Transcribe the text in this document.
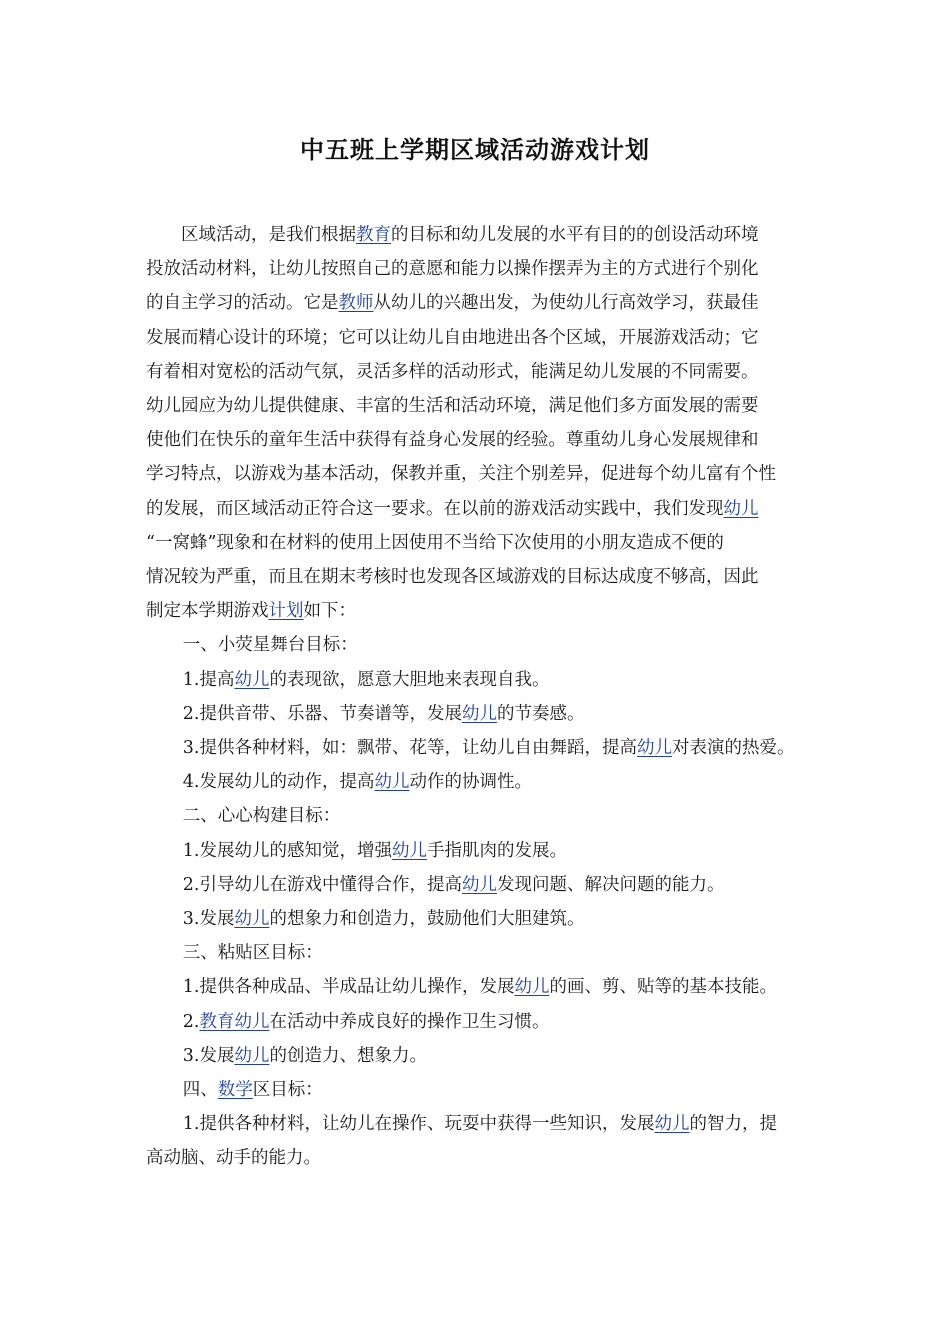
中五班上学期区域活动游戏计划

区域活动，是我们根据教育的目标和幼儿发展的水平有目的的创设活动环境

投放活动材料，让幼儿按照自己的意愿和能力以操作摆弄为主的方式进行个别化

的自主学习的活动。它是教师从幼儿的兴趣出发，为使幼儿行高效学习，获最佳

发展而精心设计的环境；它可以让幼儿自由地进出各个区域，开展游戏活动；它

有着相对宽松的活动气氛，灵活多样的活动形式，能满足幼儿发展的不同需要。

幼儿园应为幼儿提供健康、丰富的生活和活动环境，满足他们多方面发展的需要

使他们在快乐的童年生活中获得有益身心发展的经验。尊重幼儿身心发展规律和

学习特点，以游戏为基本活动，保教并重，关注个别差异，促进每个幼儿富有个性

的发展，而区域活动正符合这一要求。在以前的游戏活动实践中，我们发现幼儿

“一窝蜂”现象和在材料的使用上因使用不当给下次使用的小朋友造成不便的

情况较为严重，而且在期末考核时也发现各区域游戏的目标达成度不够高，因此

制定本学期游戏计划如下：

一、小荧星舞台目标：

1.提高幼儿的表现欲，愿意大胆地来表现自我。

2.提供音带、乐器、节奏谱等，发展幼儿的节奏感。

3.提供各种材料，如：飘带、花等，让幼儿自由舞蹈，提高幼儿对表演的热爱。

4.发展幼儿的动作，提高幼儿动作的协调性。

二、心心构建目标：

1.发展幼儿的感知觉，增强幼儿手指肌肉的发展。

2.引导幼儿在游戏中懂得合作，提高幼儿发现问题、解决问题的能力。

3.发展幼儿的想象力和创造力，鼓励他们大胆建筑。

三、粘贴区目标：

1.提供各种成品、半成品让幼儿操作，发展幼儿的画、剪、贴等的基本技能。

2.教育幼儿在活动中养成良好的操作卫生习惯。

3.发展幼儿的创造力、想象力。

四、数学区目标：

1.提供各种材料，让幼儿在操作、玩耍中获得一些知识，发展幼儿的智力，提

高动脑、动手的能力。
